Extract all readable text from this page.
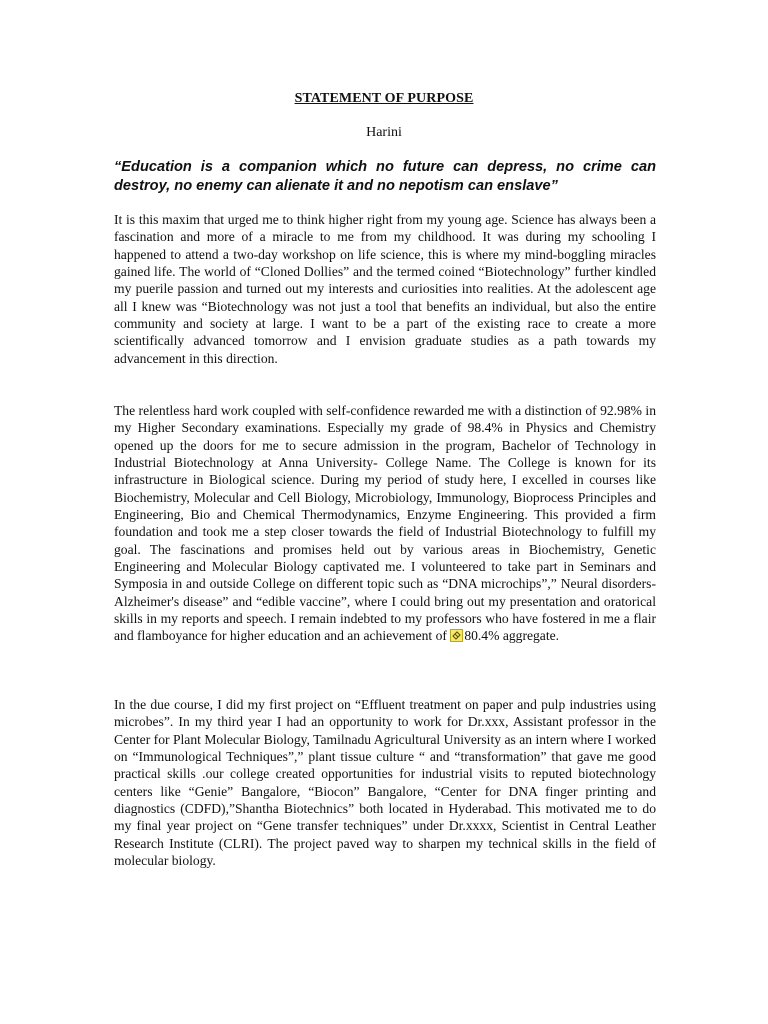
STATEMENT OF PURPOSE
Harini
“Education is a companion which no future can depress, no crime can destroy, no enemy can alienate it and no nepotism can enslave”
It is this maxim that urged me to think higher right from my young age. Science has always been a fascination and more of a miracle to me from my childhood. It was during my schooling I happened to attend a two-day workshop on life science, this is where my mind-boggling miracles gained life. The world of “Cloned Dollies” and the termed coined “Biotechnology” further kindled my puerile passion and turned out my interests and curiosities into realities. At the adolescent age all I knew was “Biotechnology was not just a tool that benefits an individual, but also the entire community and society at large. I want to be a part of the existing race to create a more scientifically advanced tomorrow and I envision graduate studies as a path towards my advancement in this direction.
The relentless hard work coupled with self-confidence rewarded me with a distinction of 92.98% in my Higher Secondary examinations. Especially my grade of 98.4% in Physics and Chemistry opened up the doors for me to secure admission in the program, Bachelor of Technology in Industrial Biotechnology at Anna University- College Name. The College is known for its infrastructure in Biological science. During my period of study here, I excelled in courses like Biochemistry, Molecular and Cell Biology, Microbiology, Immunology, Bioprocess Principles and Engineering, Bio and Chemical Thermodynamics, Enzyme Engineering. This provided a firm foundation and took me a step closer towards the field of Industrial Biotechnology to fulfill my goal. The fascinations and promises held out by various areas in Biochemistry, Genetic Engineering and Molecular Biology captivated me. I volunteered to take part in Seminars and Symposia in and outside College on different topic such as “DNA microchips”,” Neural disorders-Alzheimer's disease” and “edible vaccine”, where I could bring out my presentation and oratorical skills in my reports and speech. I remain indebted to my professors who have fostered in me a flair and flamboyance for higher education and an achievement of
80.4% aggregate.
In the due course, I did my first project on “Effluent treatment on paper and pulp industries using microbes”. In my third year I had an opportunity to work for Dr.xxx, Assistant professor in the Center for Plant Molecular Biology, Tamilnadu Agricultural University as an intern where I worked on “Immunological Techniques”,” plant tissue culture “ and “transformation” that gave me good practical skills .our college created opportunities for industrial visits to reputed biotechnology centers like “Genie” Bangalore, “Biocon” Bangalore, “Center for DNA finger printing and diagnostics (CDFD),”Shantha Biotechnics” both located in Hyderabad. This motivated me to do my final year project on “Gene transfer techniques” under Dr.xxxx, Scientist in Central Leather Research Institute (CLRI). The project paved way to sharpen my technical skills in the field of molecular biology.
